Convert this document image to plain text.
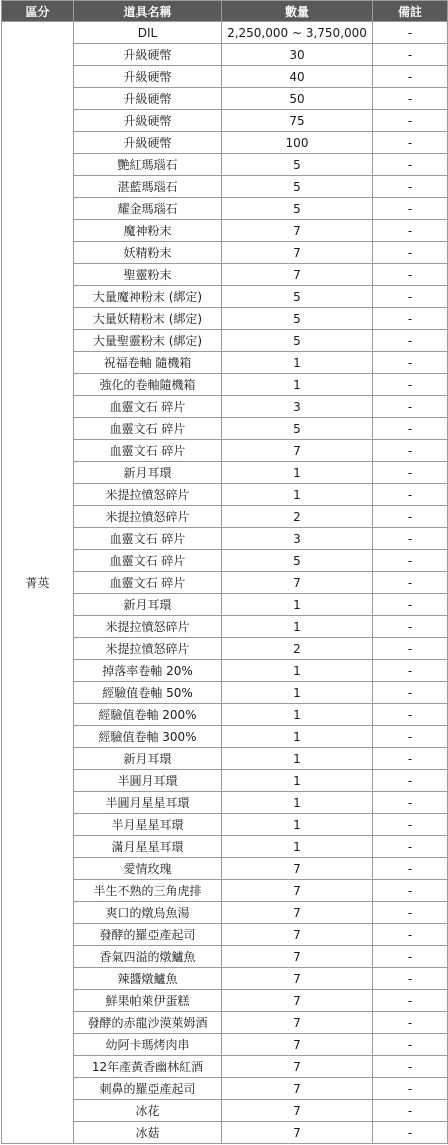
區分	道具名稱	數量	備註
菁英	DIL	2,250,000 ~ 3,750,000	-
	升級硬幣	30	-
	升級硬幣	40	-
	升級硬幣	50	-
	升級硬幣	75	-
	升級硬幣	100	-
	艷紅瑪瑙石	5	-
	湛藍瑪瑙石	5	-
	耀金瑪瑙石	5	-
	魔神粉末	7	-
	妖精粉末	7	-
	聖靈粉末	7	-
	大量魔神粉末 (綁定)	5	-
	大量妖精粉末 (綁定)	5	-
	大量聖靈粉末 (綁定)	5	-
	祝福卷軸 隨機箱	1	-
	強化的卷軸隨機箱	1	-
	血靈文石 碎片	3	-
	血靈文石 碎片	5	-
	血靈文石 碎片	7	-
	新月耳環	1	-
	米提拉憤怒碎片	1	-
	米提拉憤怒碎片	2	-
	血靈文石 碎片	3	-
	血靈文石 碎片	5	-
	血靈文石 碎片	7	-
	新月耳環	1	-
	米提拉憤怒碎片	1	-
	米提拉憤怒碎片	2	-
	掉落率卷軸 20%	1	-
	經驗值卷軸 50%	1	-
	經驗值卷軸 200%	1	-
	經驗值卷軸 300%	1	-
	新月耳環	1	-
	半圓月耳環	1	-
	半圓月星星耳環	1	-
	半月星星耳環	1	-
	滿月星星耳環	1	-
	愛情玫瑰	7	-
	半生不熟的三角虎排	7	-
	爽口的燉烏魚湯	7	-
	發酵的羅亞產起司	7	-
	香氣四溢的燉鱸魚	7	-
	辣醬燉鱸魚	7	-
	鮮果帕萊伊蛋糕	7	-
	發酵的赤龍沙漠萊姆酒	7	-
	幼阿卡瑪烤肉串	7	-
	12年產黃香幽林紅酒	7	-
	刺鼻的羅亞產起司	7	-
	冰花	7	-
	冰菇	7	-
